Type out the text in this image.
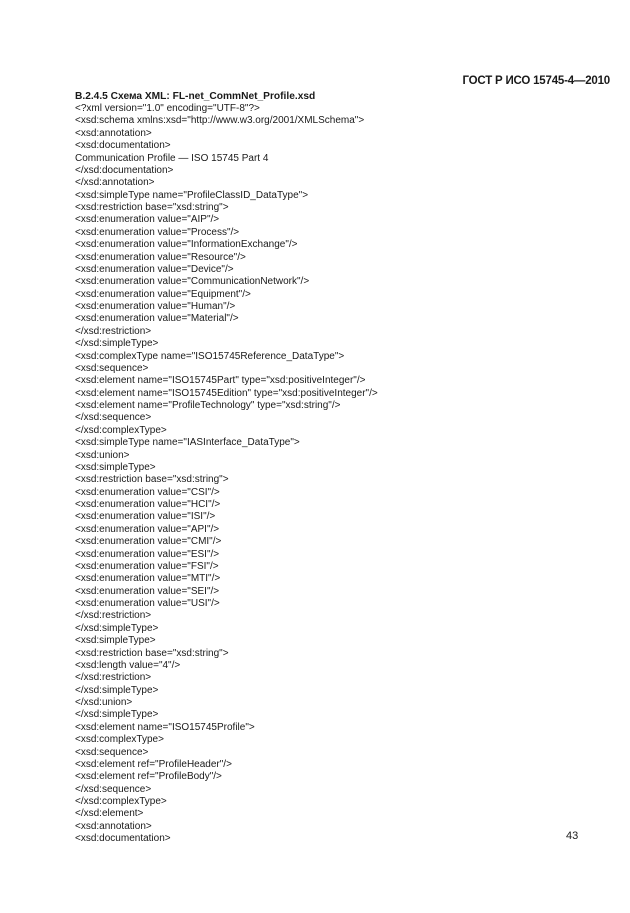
ГОСТ Р ИСО 15745-4—2010
B.2.4.5 Схема XML: FL-net_CommNet_Profile.xsd
<?xml version="1.0" encoding="UTF-8"?>
<xsd:schema xmlns:xsd="http://www.w3.org/2001/XMLSchema">
<xsd:annotation>
<xsd:documentation>
Communication Profile — ISO 15745 Part 4
</xsd:documentation>
</xsd:annotation>
<xsd:simpleType name="ProfileClassID_DataType">
<xsd:restriction base="xsd:string">
<xsd:enumeration value="AIP"/>
<xsd:enumeration value="Process"/>
<xsd:enumeration value="InformationExchange"/>
<xsd:enumeration value="Resource"/>
<xsd:enumeration value="Device"/>
<xsd:enumeration value="CommunicationNetwork"/>
<xsd:enumeration value="Equipment"/>
<xsd:enumeration value="Human"/>
<xsd:enumeration value="Material"/>
</xsd:restriction>
</xsd:simpleType>
<xsd:complexType name="ISO15745Reference_DataType">
<xsd:sequence>
<xsd:element name="ISO15745Part" type="xsd:positiveInteger"/>
<xsd:element name="ISO15745Edition" type="xsd:positiveInteger"/>
<xsd:element name="ProfileTechnology" type="xsd:string"/>
</xsd:sequence>
</xsd:complexType>
<xsd:simpleType name="IASInterface_DataType">
<xsd:union>
<xsd:simpleType>
<xsd:restriction base="xsd:string">
<xsd:enumeration value="CSI"/>
<xsd:enumeration value="HCI"/>
<xsd:enumeration value="ISI"/>
<xsd:enumeration value="API"/>
<xsd:enumeration value="CMI"/>
<xsd:enumeration value="ESI"/>
<xsd:enumeration value="FSI"/>
<xsd:enumeration value="MTI"/>
<xsd:enumeration value="SEI"/>
<xsd:enumeration value="USI"/>
</xsd:restriction>
</xsd:simpleType>
<xsd:simpleType>
<xsd:restriction base="xsd:string">
<xsd:length value="4"/>
</xsd:restriction>
</xsd:simpleType>
</xsd:union>
</xsd:simpleType>
<xsd:element name="ISO15745Profile">
<xsd:complexType>
<xsd:sequence>
<xsd:element ref="ProfileHeader"/>
<xsd:element ref="ProfileBody"/>
</xsd:sequence>
</xsd:complexType>
</xsd:element>
<xsd:annotation>
<xsd:documentation>	43
